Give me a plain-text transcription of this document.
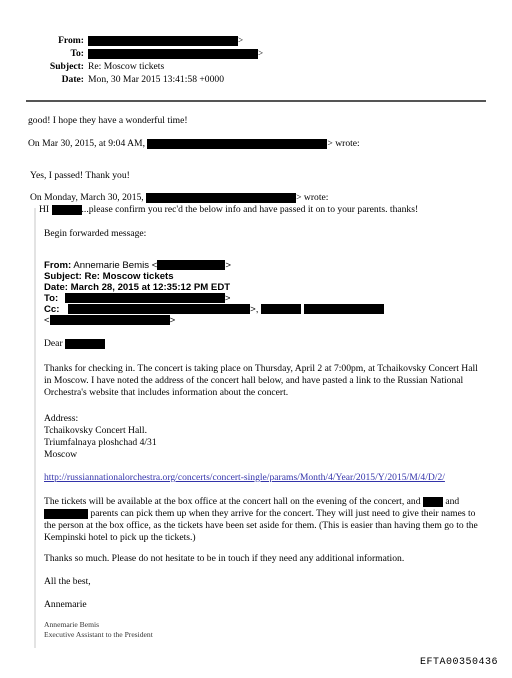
From:	>
To:	>
Subject: Re: Moscow tickets
Date: Mon, 30 Mar 2015 13:41:58 +0000
good! I hope they have a wonderful time!
On Mar 30, 2015, at 9:04 AM,	> wrote:
Yes, I passed! Thank you!
On Monday, March 30, 2015,	> wrote:
HI	...please confirm you rec'd the below info and have passed it on to your parents. thanks!
Begin forwarded message:
From: Annemarie Bemis <	>
Subject: Re: Moscow tickets
Date: March 28, 2015 at 12:35:12 PM EDT
To:	>
Cc:	>,
<	>
Dear
Thanks for checking in. The concert is taking place on Thursday, April 2 at 7:00pm, at Tchaikovsky Concert Hall in Moscow. I have noted the address of the concert hall below, and have pasted a link to the Russian National Orchestra's website that includes information about the concert.
Address:
Tchaikovsky Concert Hall.
Triumfalnaya ploshchad 4/31
Moscow
http://russiannationalorchestra.org/concerts/concert-single/params/Month/4/Year/2015/Y/2015/M/4/D/2/
The tickets will be available at the box office at the concert hall on the evening of the concert, and	and  parents can pick them up when they arrive for the concert. They will just need to give their names to the person at the box office, as the tickets have been set aside for them. (This is easier than having them go to the Kempinski hotel to pick up the tickets.)
Thanks so much. Please do not hesitate to be in touch if they need any additional information.
All the best,
Annemarie
Annemarie Bemis
Executive Assistant to the President
EFTA00350436
